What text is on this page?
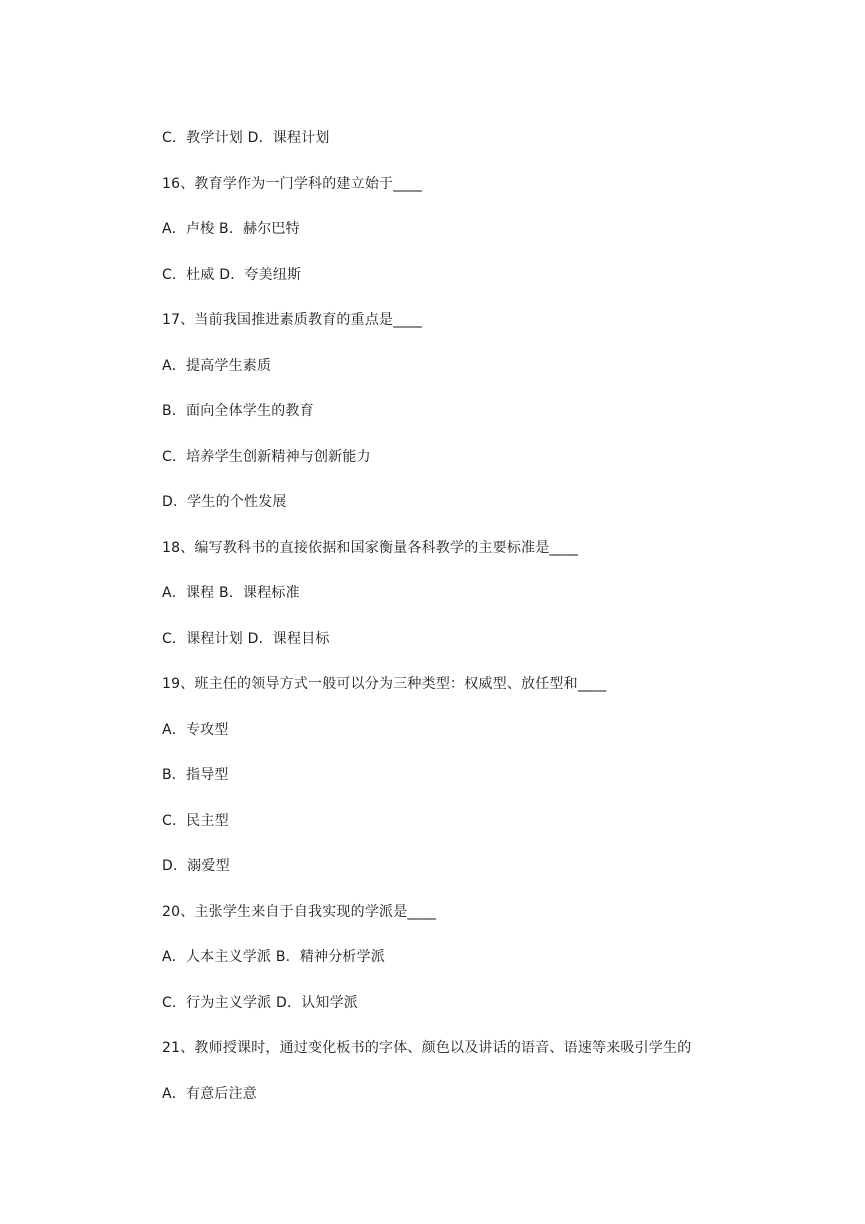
C．教学计划 D．课程计划
16、教育学作为一门学科的建立始于____
A．卢梭 B．赫尔巴特
C．杜威 D．夸美纽斯
17、当前我国推进素质教育的重点是____
A．提高学生素质
B．面向全体学生的教育
C．培养学生创新精神与创新能力
D．学生的个性发展
18、编写教科书的直接依据和国家衡量各科教学的主要标准是____
A．课程 B．课程标准
C．课程计划 D．课程目标
19、班主任的领导方式一般可以分为三种类型：权威型、放任型和____
A．专攻型
B．指导型
C．民主型
D．溺爱型
20、主张学生来自于自我实现的学派是____
A．人本主义学派 B．精神分析学派
C．行为主义学派 D．认知学派
21、教师授课时，通过变化板书的字体、颜色以及讲话的语音、语速等来吸引学生的
A．有意后注意
